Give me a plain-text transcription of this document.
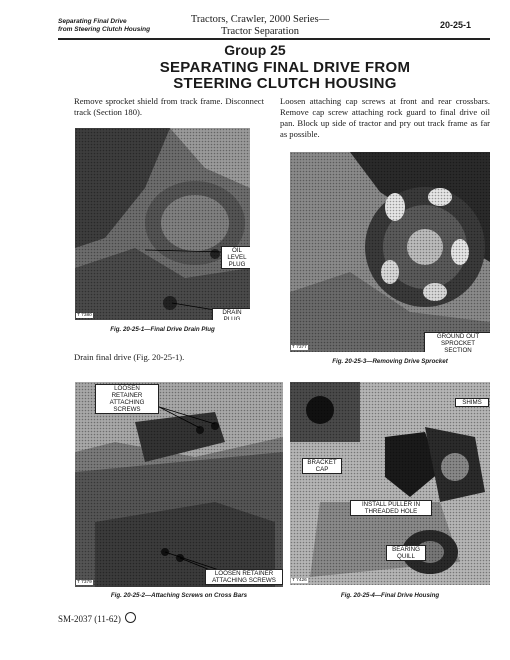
Separating Final Drive
from Steering Clutch Housing
Tractors, Crawler, 2000 Series—
Tractor Separation
20-25-1
Group 25
SEPARATING FINAL DRIVE FROM
STEERING CLUTCH HOUSING
Remove sprocket shield from track frame. Disconnect track (Section 180).
Loosen attaching cap screws at front and rear crossbars. Remove cap screw attaching rock guard to final drive oil pan. Block up side of tractor and pry out track frame as far as possible.
OIL LEVEL PLUG
DRAIN PLUG
T 7380
Fig. 20-25-1—Final Drive Drain Plug
Drain final drive (Fig. 20-25-1).
GROUND OUT SPROCKET SECTION
T 7377
Fig. 20-25-3—Removing Drive Sprocket
LOOSEN RETAINER ATTACHING SCREWS
LOOSEN RETAINER ATTACHING SCREWS
T 7379
Fig. 20-25-2—Attaching Screws on Cross Bars
SHIMS
BRACKET CAP
INSTALL PULLER IN THREADED HOLE
BEARING QUILL
T 7426
Fig. 20-25-4—Final Drive Housing
SM-2037 (11-62)
